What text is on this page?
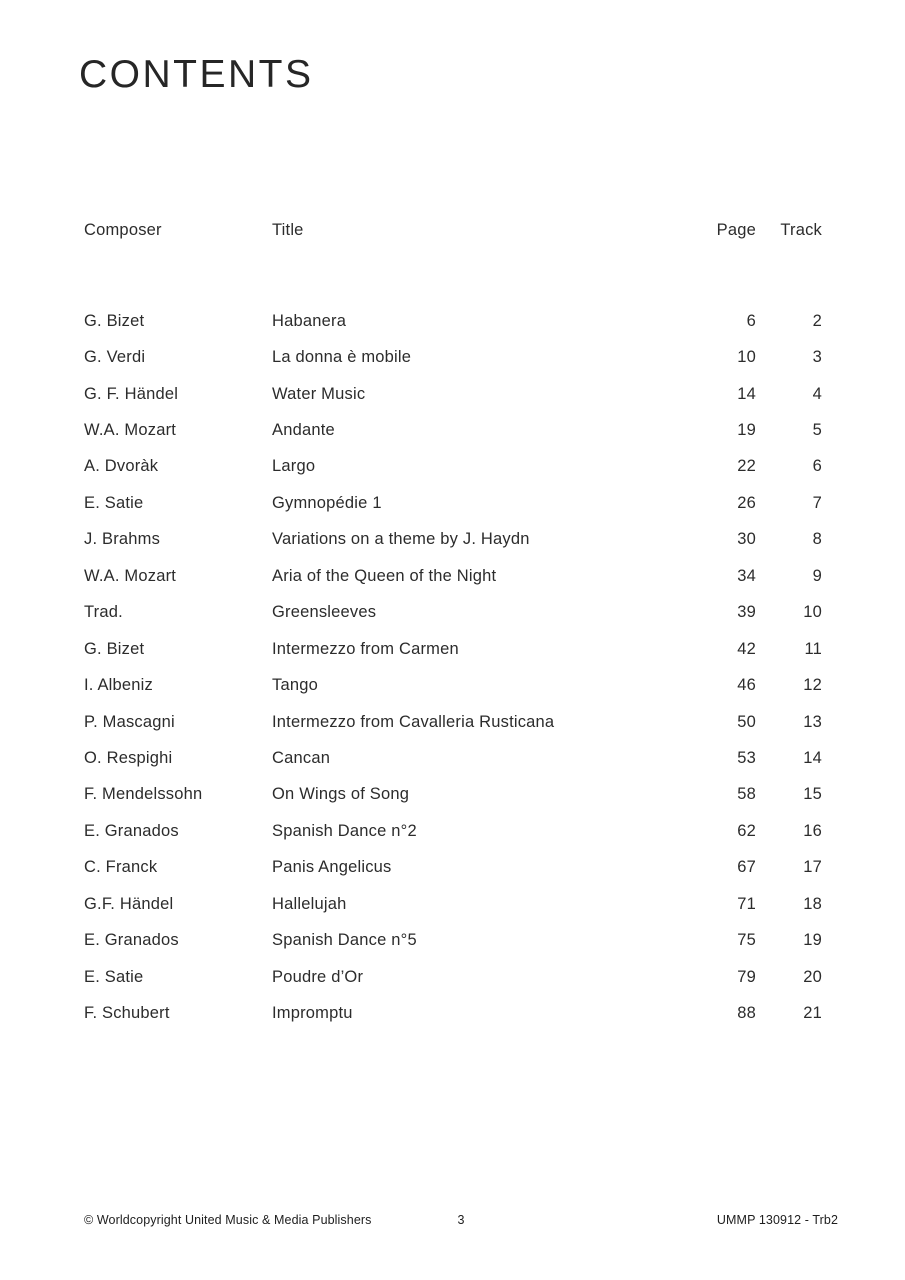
CONTENTS
Composer	Title	Page	Track
G. Bizet	Habanera	6	2
G. Verdi	La donna è mobile	10	3
G. F. Händel	Water Music	14	4
W.A. Mozart	Andante	19	5
A. Dvoràk	Largo	22	6
E. Satie	Gymnopédie 1	26	7
J. Brahms	Variations on a theme by J. Haydn	30	8
W.A. Mozart	Aria of the Queen of the Night	34	9
Trad.	Greensleeves	39	10
G. Bizet	Intermezzo from Carmen	42	11
I. Albeniz	Tango	46	12
P. Mascagni	Intermezzo from Cavalleria Rusticana	50	13
O. Respighi	Cancan	53	14
F. Mendelssohn	On Wings of Song	58	15
E. Granados	Spanish Dance n°2	62	16
C. Franck	Panis Angelicus	67	17
G.F. Händel	Hallelujah	71	18
E. Granados	Spanish Dance n°5	75	19
E. Satie	Poudre d’Or	79	20
F. Schubert	Impromptu	88	21
© Worldcopyright United Music & Media Publishers	3	UMMP 130912 - Trb2
